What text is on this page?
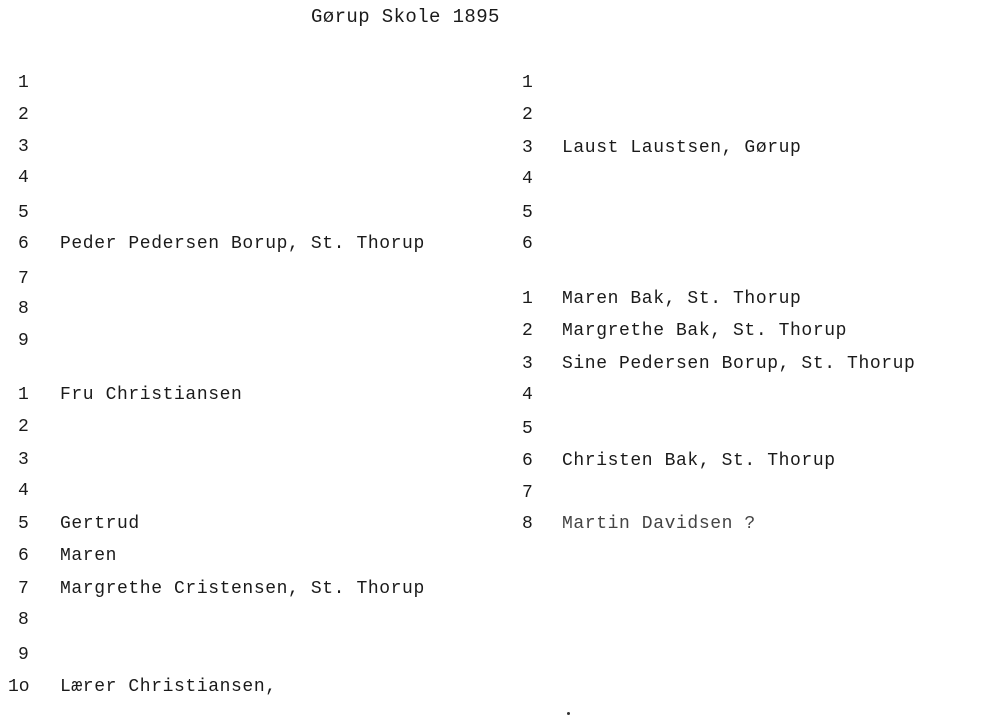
Gørup Skole 1895
1
2
3
4
5
6 Peder Pedersen Borup, St. Thorup
7
8
9
1 Fru Christiansen
2
3
4
5 Gertrud
6 Maren
7 Margrethe Cristensen, St. Thorup
8
9
1o Lærer Christiansen,
1
2
3 Laust Laustsen, Gørup
4
5
6
1 Maren Bak, St. Thorup
2 Margrethe Bak, St. Thorup
3 Sine Pedersen Borup, St. Thorup
4
5
6 Christen Bak, St. Thorup
7
8 Martin Davidsen ?
